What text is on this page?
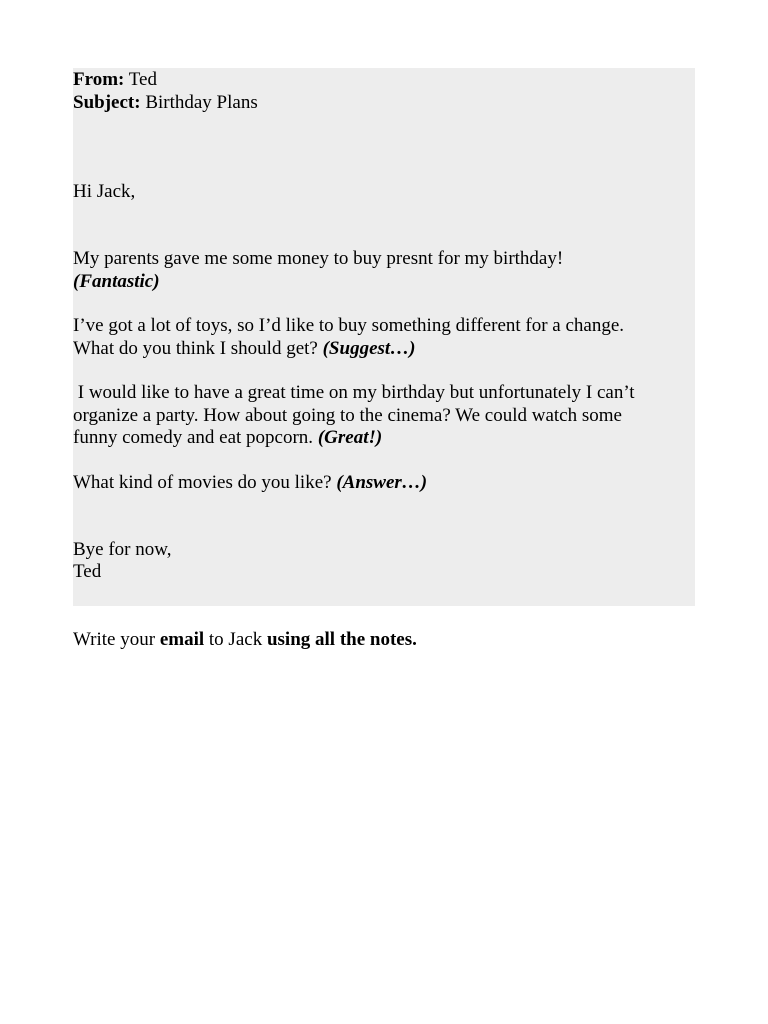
From: Ted
Subject: Birthday Plans
Hi Jack,
My parents gave me some money to buy presnt for my birthday!
(Fantastic)
I’ve got a lot of toys, so I’d like to buy something different for a change.
What do you think I should get? (Suggest…)
I would like to have a great time on my birthday but unfortunately I can’t
organize a party. How about going to the cinema? We could watch some
funny comedy and eat popcorn. (Great!)
What kind of movies do you like? (Answer…)
Bye for now,
Ted
Write your email to Jack using all the notes.
